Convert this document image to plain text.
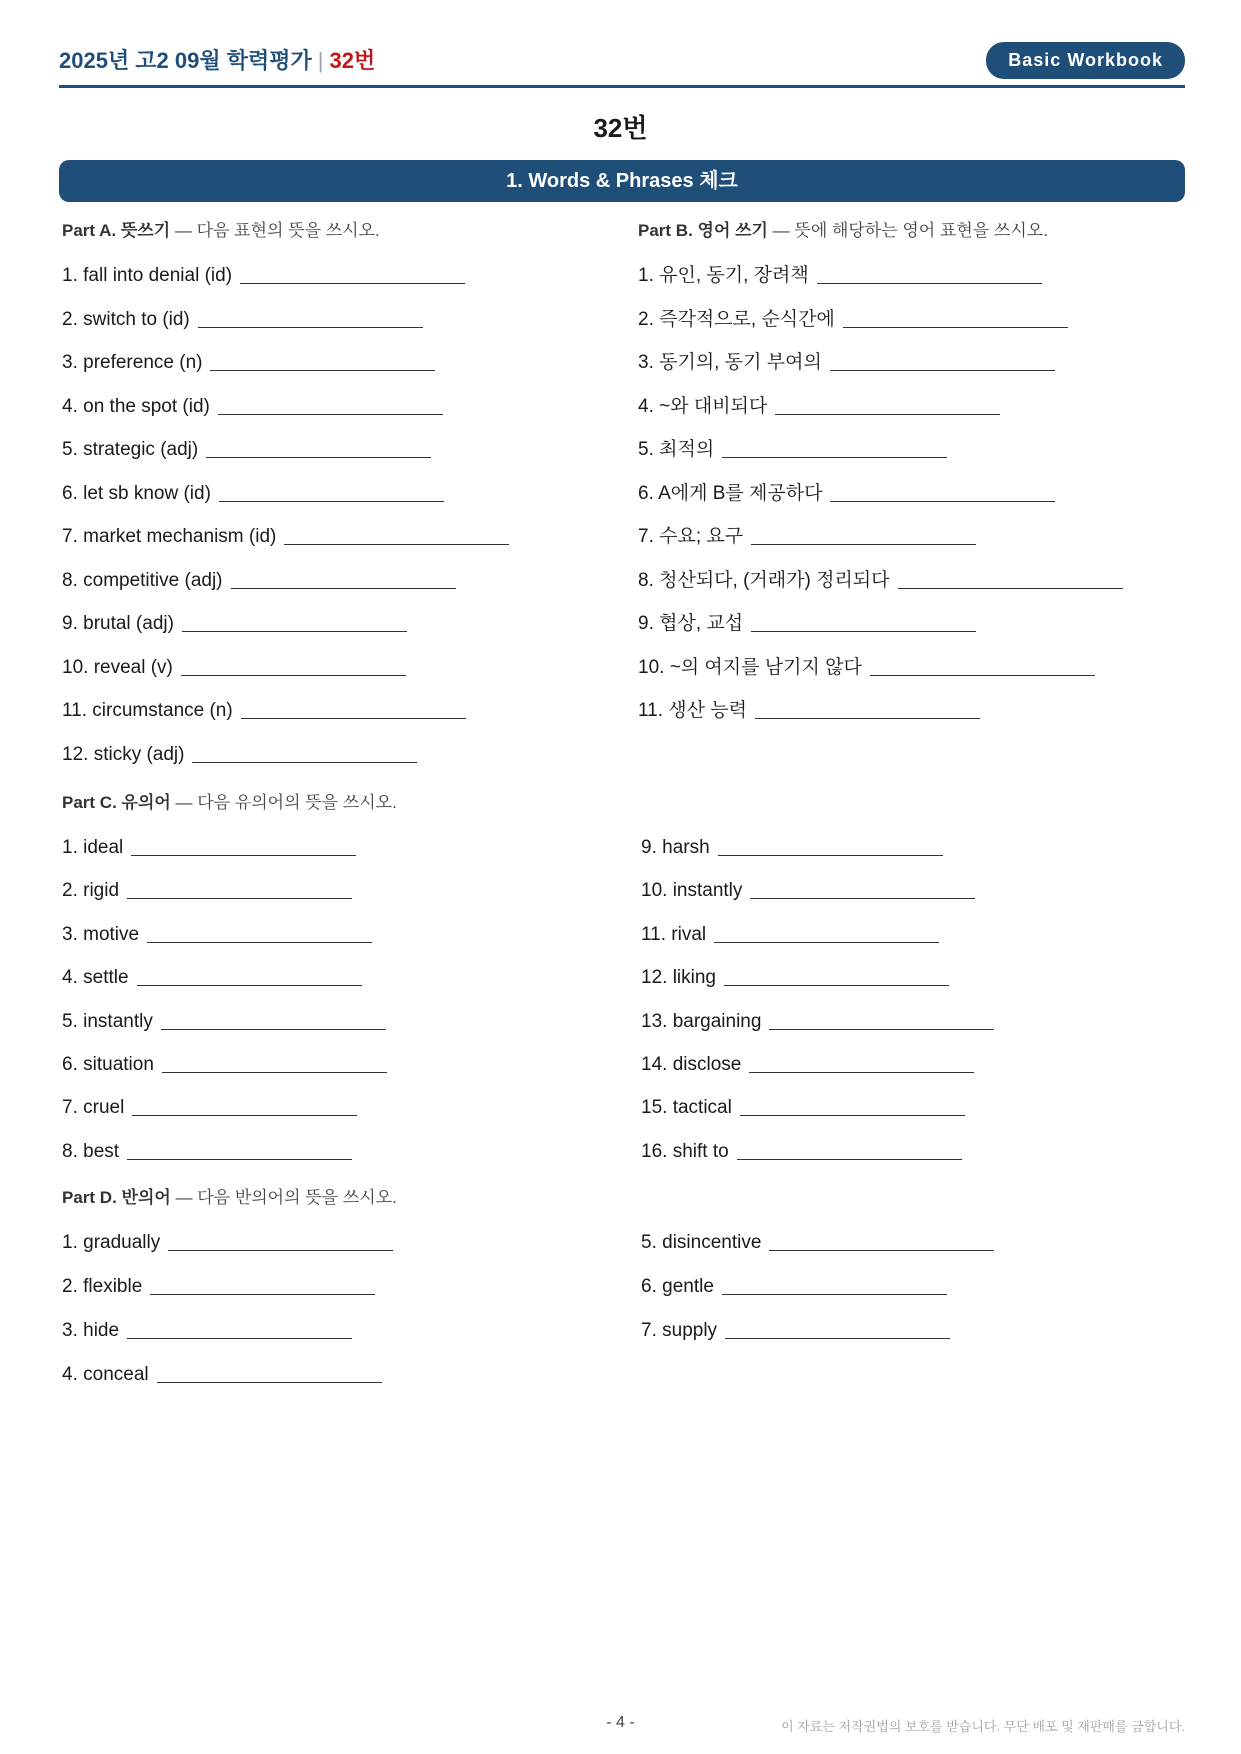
2025년 고2 09월 학력평가 | 32번	Basic Workbook
32번
1. Words & Phrases 체크
Part A. 뜻쓰기 — 다음 표현의 뜻을 쓰시오.	Part B. 영어 쓰기 — 뜻에 해당하는 영어 표현을 쓰시오.
Part C. 유의어 — 다음 유의어의 뜻을 쓰시오.
Part D. 반의어 — 다음 반의어의 뜻을 쓰시오.
1. fall into denial (id)
2. switch to (id)
3. preference (n)
4. on the spot (id)
5. strategic (adj)
6. let sb know (id)
7. market mechanism (id)
8. competitive (adj)
9. brutal (adj)
10. reveal (v)
11. circumstance (n)
12. sticky (adj)
1. 유인, 동기, 장려책
2. 즉각적으로, 순식간에
3. 동기의, 동기 부여의
4. ~와 대비되다
5. 최적의
6. A에게 B를 제공하다
7. 수요; 요구
8. 청산되다, (거래가) 정리되다
9. 협상, 교섭
10. ~의 여지를 남기지 않다
11. 생산 능력
1. ideal
2. rigid
3. motive
4. settle
5. instantly
6. situation
7. cruel
8. best
9. harsh
10. instantly
11. rival
12. liking
13. bargaining
14. disclose
15. tactical
16. shift to
1. gradually
2. flexible
3. hide
4. conceal
5. disincentive
6. gentle
7. supply
- 4 -	이 자료는 저작권법의 보호를 받습니다. 무단 배포 및 재판매를 금합니다.
